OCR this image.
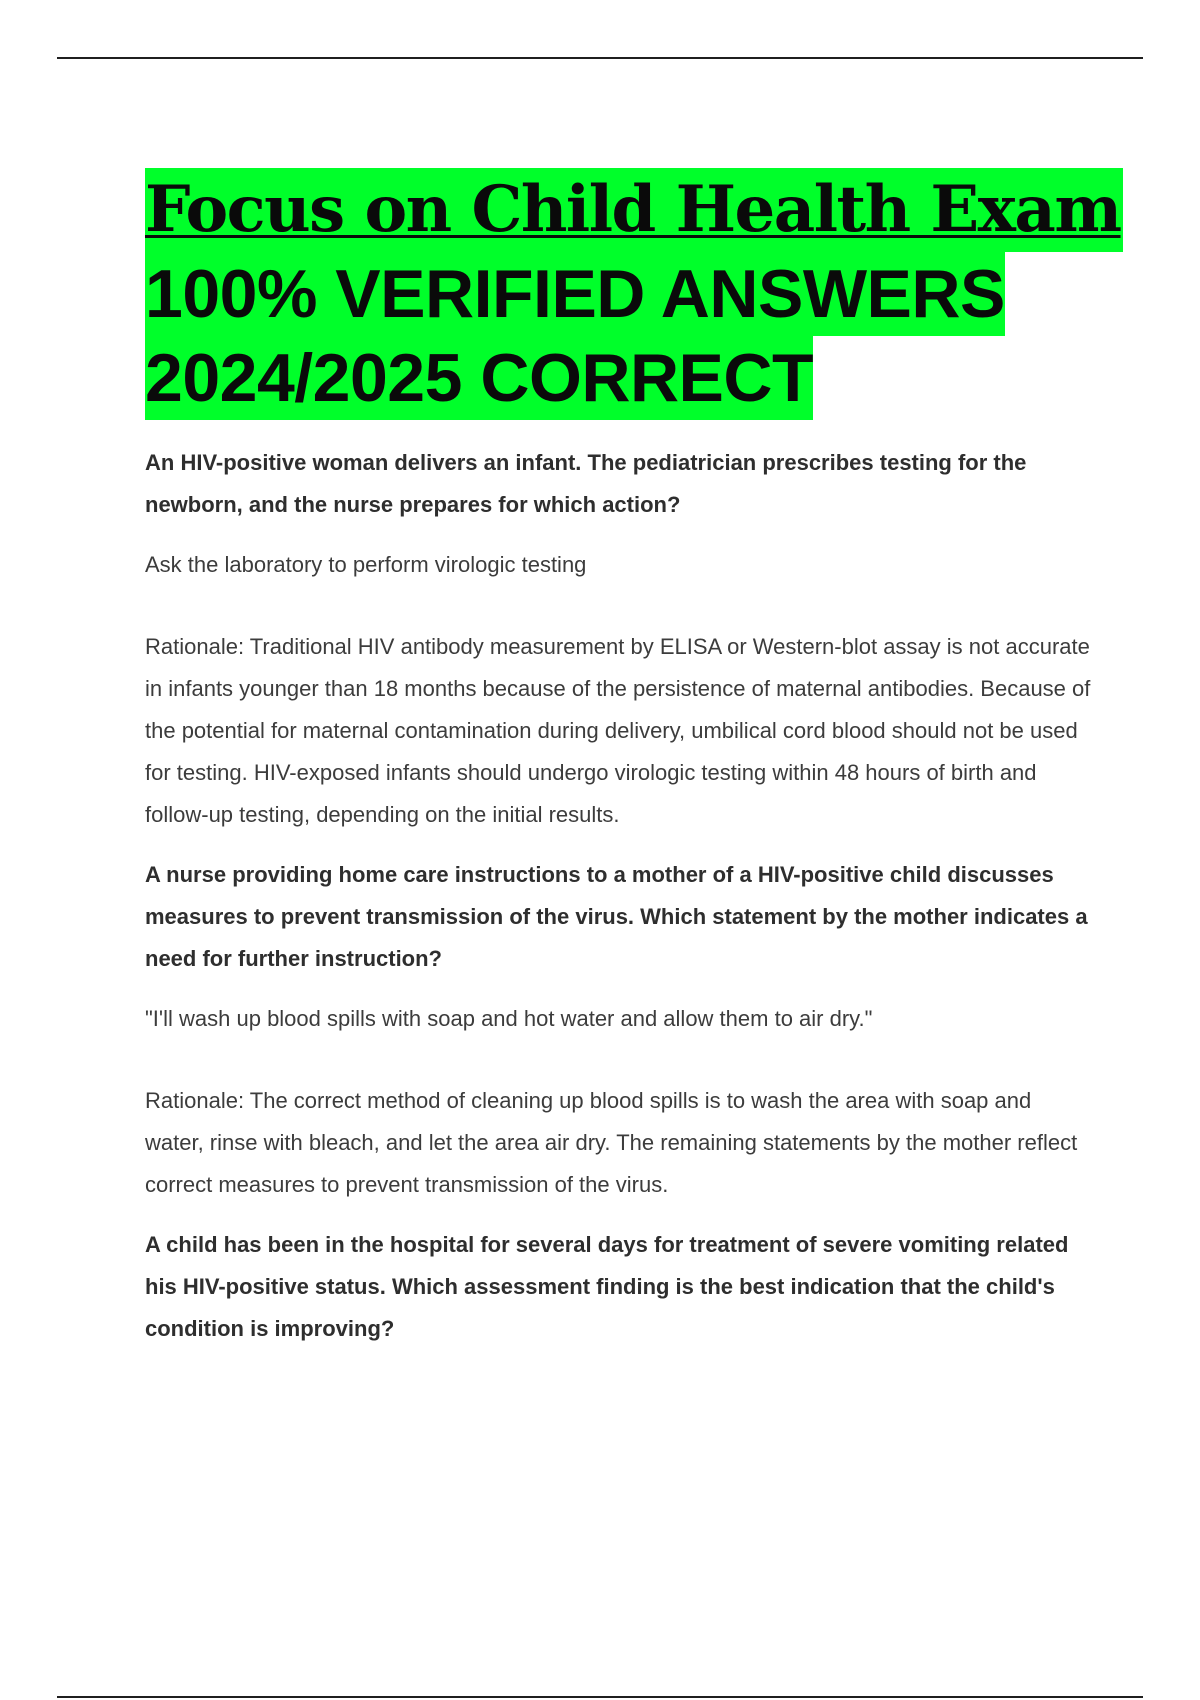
Focus on Child Health Exam
100% VERIFIED ANSWERS
2024/2025 CORRECT

An HIV-positive woman delivers an infant. The pediatrician prescribes testing for the newborn, and the nurse prepares for which action?

Ask the laboratory to perform virologic testing

Rationale: Traditional HIV antibody measurement by ELISA or Western-blot assay is not accurate in infants younger than 18 months because of the persistence of maternal antibodies. Because of the potential for maternal contamination during delivery, umbilical cord blood should not be used for testing. HIV-exposed infants should undergo virologic testing within 48 hours of birth and follow-up testing, depending on the initial results.

A nurse providing home care instructions to a mother of a HIV-positive child discusses measures to prevent transmission of the virus. Which statement by the mother indicates a need for further instruction?

"I'll wash up blood spills with soap and hot water and allow them to air dry."

Rationale: The correct method of cleaning up blood spills is to wash the area with soap and water, rinse with bleach, and let the area air dry. The remaining statements by the mother reflect correct measures to prevent transmission of the virus.

A child has been in the hospital for several days for treatment of severe vomiting related his HIV-positive status. Which assessment finding is the best indication that the child's condition is improving?
